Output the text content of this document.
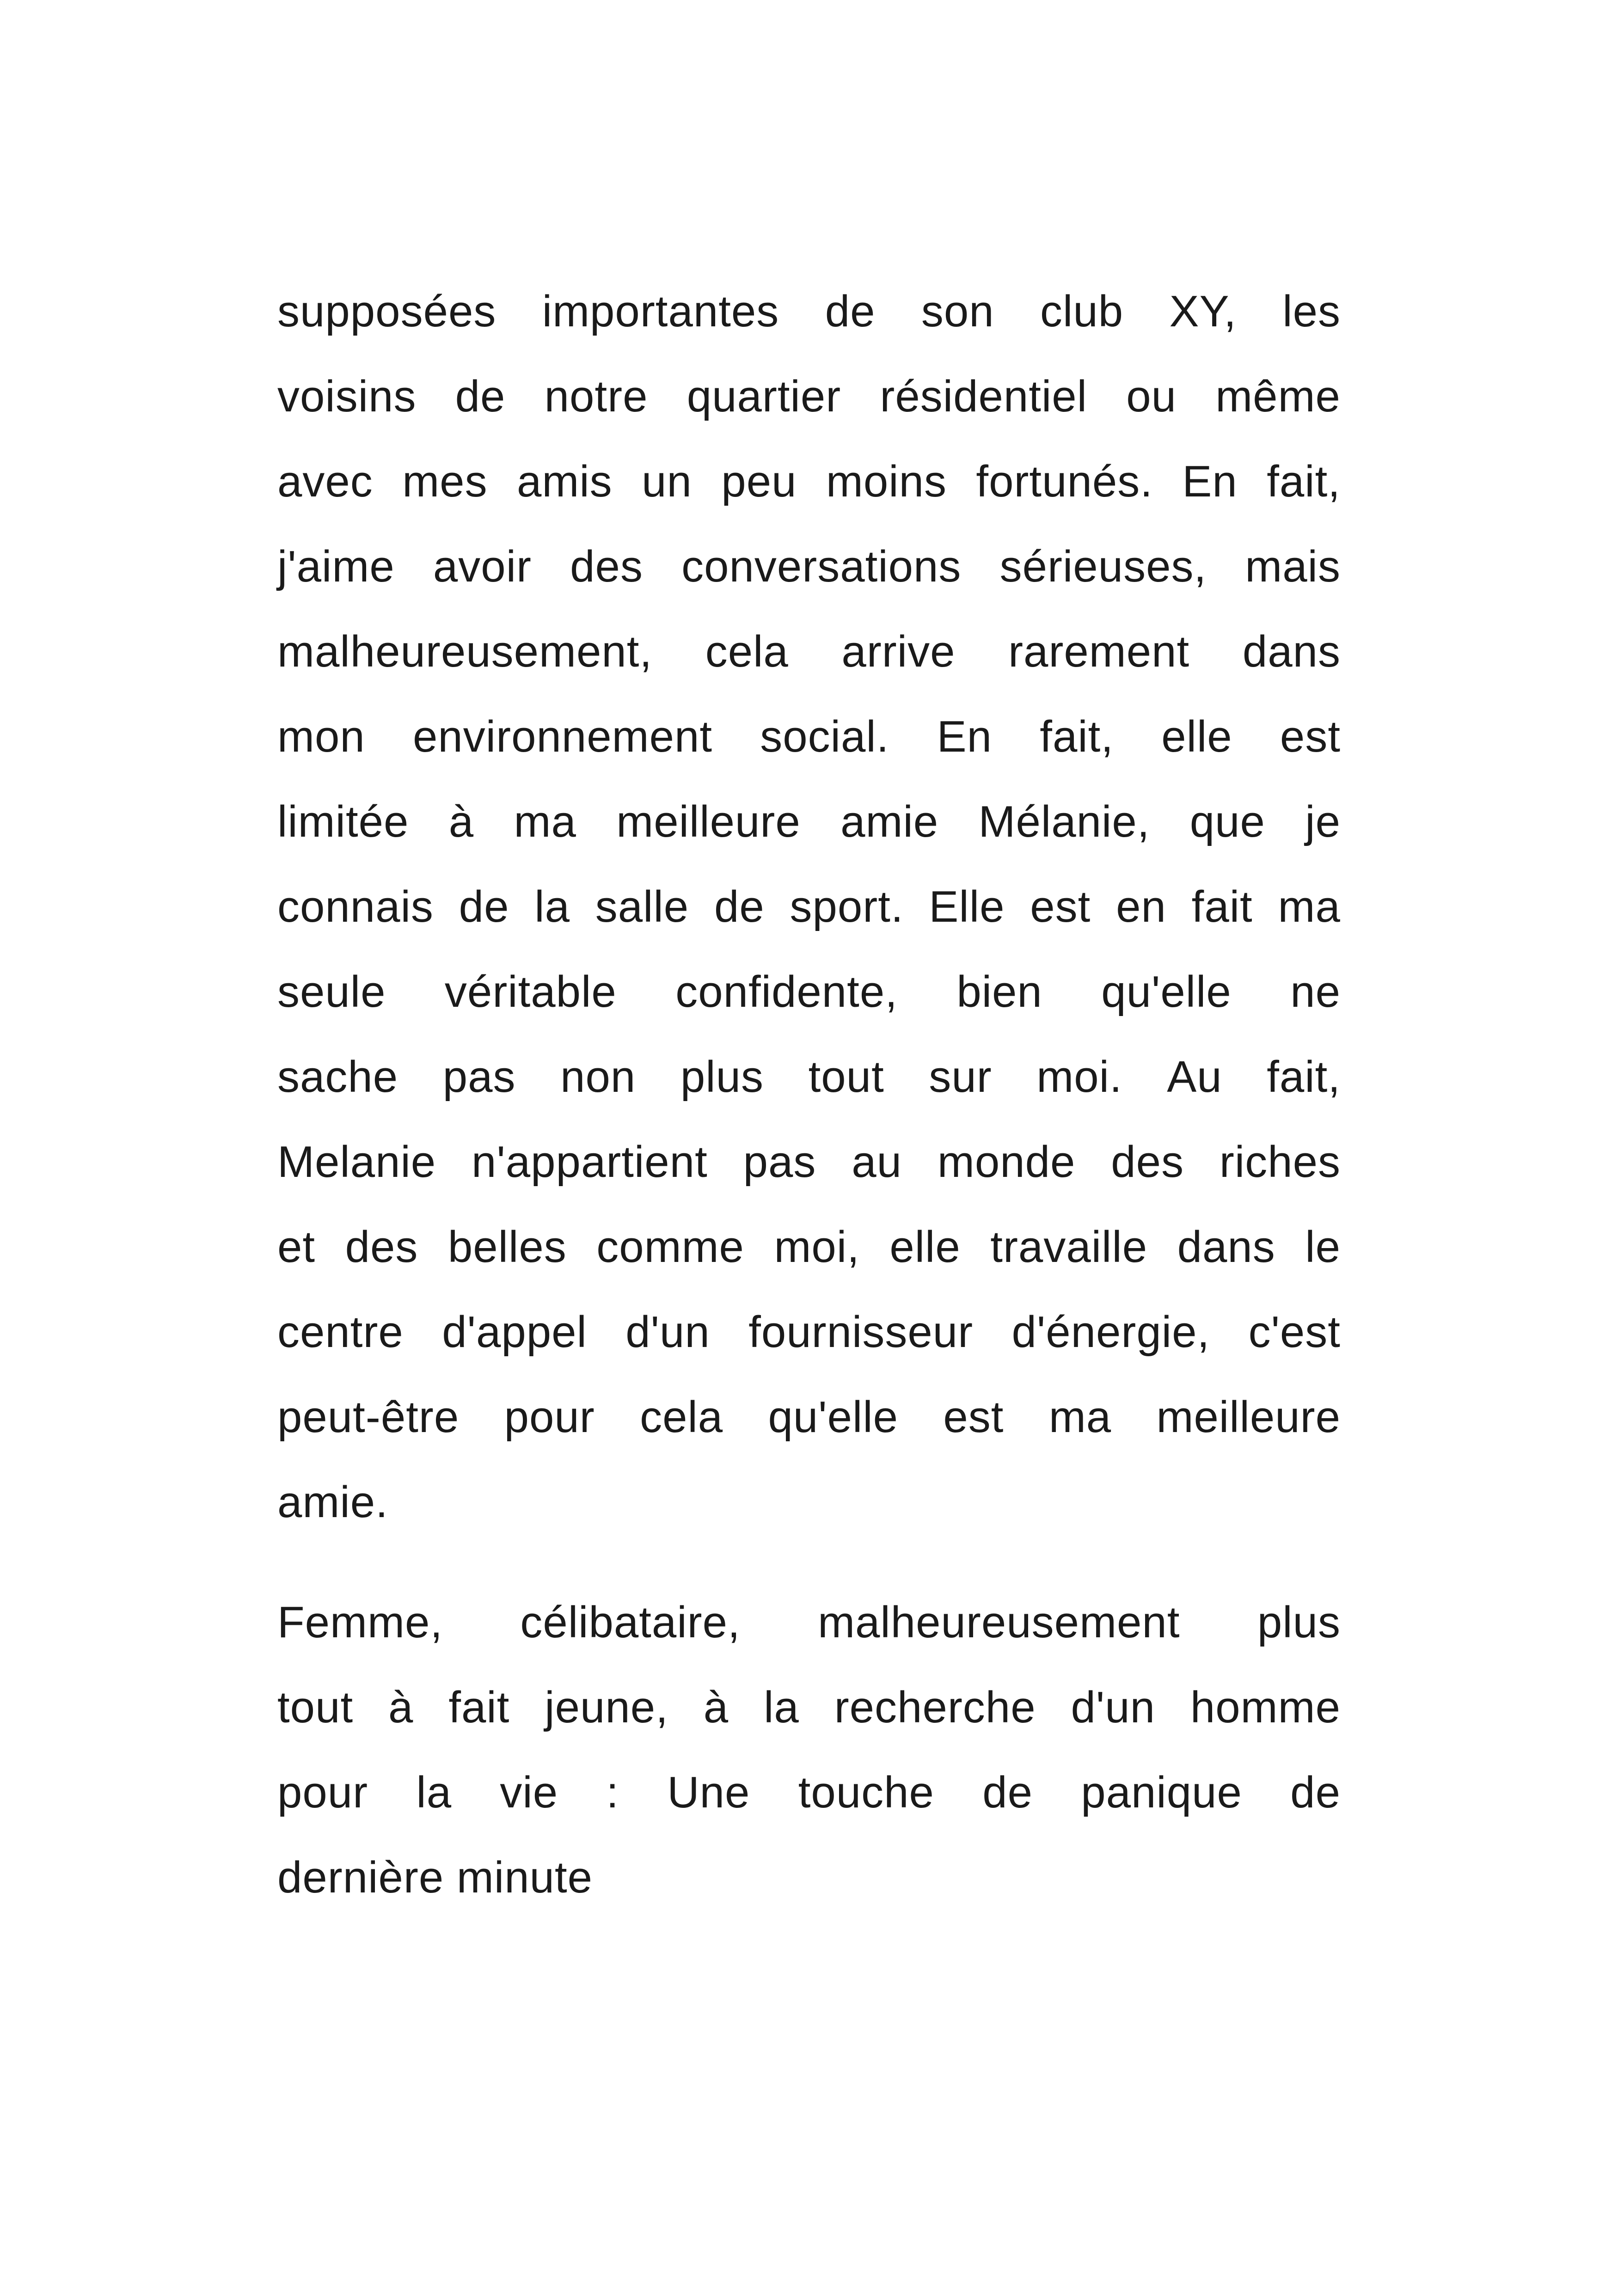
supposées importantes de son club XY, les
voisins de notre quartier résidentiel ou même
avec mes amis un peu moins fortunés. En fait,
j'aime avoir des conversations sérieuses, mais
malheureusement, cela arrive rarement dans
mon environnement social. En fait, elle est
limitée à ma meilleure amie Mélanie, que je
connais de la salle de sport. Elle est en fait ma
seule véritable confidente, bien qu'elle ne
sache pas non plus tout sur moi. Au fait,
Melanie n'appartient pas au monde des riches
et des belles comme moi, elle travaille dans le
centre d'appel d'un fournisseur d'énergie, c'est
peut-être pour cela qu'elle est ma meilleure
amie.
Femme, célibataire, malheureusement plus
tout à fait jeune, à la recherche d'un homme
pour la vie : Une touche de panique de
dernière minute
